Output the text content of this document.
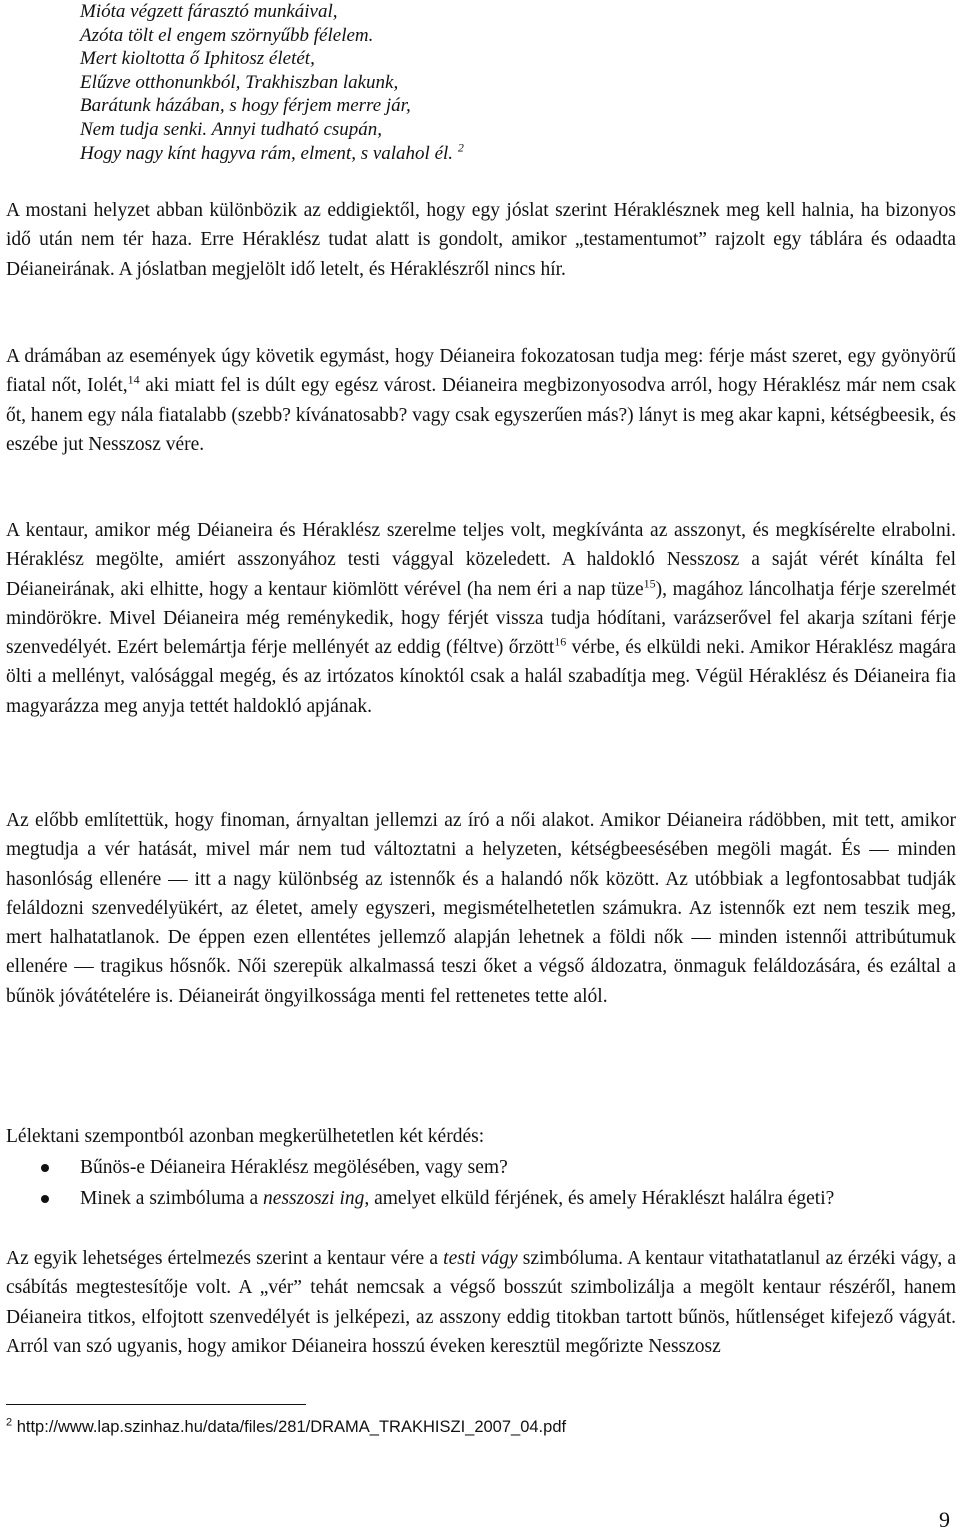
Mióta végzett fárasztó munkáival,
Azóta tölt el engem szörnyűbb félelem.
Mert kioltotta ő Iphitosz életét,
Elűzve otthonunkból, Trakhiszban lakunk,
Barátunk házában, s hogy férjem merre jár,
Nem tudja senki. Annyi tudható csupán,
Hogy nagy kínt hagyva rám, elment, s valahol él. $^2$

A mostani helyzet abban különbözik az eddigiektől, hogy egy jóslat szerint Héraklésznek meg kell halnia, ha bizonyos idő után nem tér haza. Erre Héraklész tudat alatt is gondolt, amikor „testamentumot” rajzolt egy táblára és odaadta Déianeirának. A jóslatban megjelölt idő letelt, és Héraklészről nincs hír.

A drámában az események úgy követik egymást, hogy Déianeira fokozatosan tudja meg: férje mást szeret, egy gyönyörű fiatal nőt, Iolét,$^{14}$ aki miatt fel is dúlt egy egész várost. Déianeira megbizonyosodva arról, hogy Héraklész már nem csak őt, hanem egy nála fiatalabb (szebb? kívánatosabb? vagy csak egyszerűen más?) lányt is meg akar kapni, kétségbeesik, és eszébe jut Nesszosz vére.

A kentaur, amikor még Déianeira és Héraklész szerelme teljes volt, megkívánta az asszonyt, és megkísérelte elrabolni. Héraklész megölte, amiért asszonyához testi vággyal közeledett. A haldokló Nesszosz a saját vérét kínálta fel Déianeirának, aki elhitte, hogy a kentaur kiömlött vérével (ha nem éri a nap tüze$^{15}$), magához láncolhatja férje szerelmét mindörökre. Mivel Déianeira még reménykedik, hogy férjét vissza tudja hódítani, varázserővel fel akarja szítani férje szenvedélyét. Ezért belemártja férje mellényét az eddig (féltve) őrzött$^{16}$ vérbe, és elküldi neki. Amikor Héraklész magára ölti a mellényt, valósággal megég, és az irtózatos kínoktól csak a halál szabadítja meg. Végül Héraklész és Déianeira fia magyarázza meg anyja tettét haldokló apjának.

Az előbb említettük, hogy finoman, árnyaltan jellemzi az író a női alakot. Amikor Déianeira rádöbben, mit tett, amikor megtudja a vér hatását, mivel már nem tud változtatni a helyzeten, kétségbeesésében megöli magát. És — minden hasonlóság ellenére — itt a nagy különbség az istennők és a halandó nők között. Az utóbbiak a legfontosabbat tudják feláldozni szenvedélyükért, az életet, amely egyszeri, megismételhetetlen számukra. Az istennők ezt nem teszik meg, mert halhatatlanok. De éppen ezen ellentétes jellemző alapján lehetnek a földi nők — minden istennői attribútumuk ellenére — tragikus hősnők. Női szerepük alkalmassá teszi őket a végső áldozatra, önmaguk feláldozására, és ezáltal a bűnök jóvátételére is. Déianeirát öngyilkossága menti fel rettenetes tette alól.

Lélektani szempontból azonban megkerülhetetlen két kérdés:
Bűnös-e Déianeira Héraklész megölésében, vagy sem?
Minek a szimbóluma a nesszoszi ing, amelyet elküld férjének, és amely Héraklészt halálra égeti?

Az egyik lehetséges értelmezés szerint a kentaur vére a testi vágy szimbóluma. A kentaur vitathatatlanul az érzéki vágy, a csábítás megtestesítője volt. A „vér” tehát nemcsak a végső bosszút szimbolizálja a megölt kentaur részéről, hanem Déianeira titkos, elfojtott szenvedélyét is jelképezi, az asszony eddig titokban tartott bűnös, hűtlenséget kifejező vágyát. Arról van szó ugyanis, hogy amikor Déianeira hosszú éveken keresztül megőrizte Nesszosz

$^2$ http://www.lap.szinhaz.hu/data/files/281/DRAMA_TRAKHISZI_2007_04.pdf
9
